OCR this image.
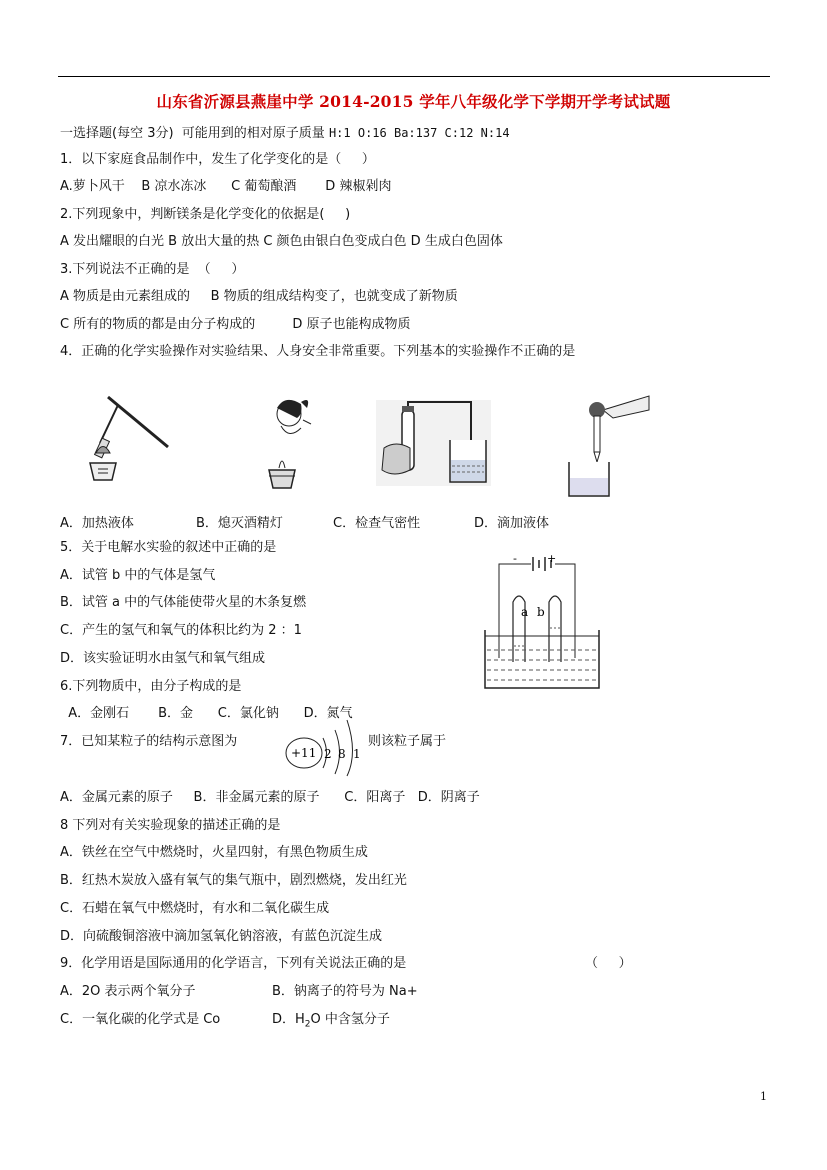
山东省沂源县燕崖中学 2014-2015 学年八年级化学下学期开学考试试题
一选择题(每空 3分)  可能用到的相对原子质量 H:1 O:16 Ba:137 C:12 N:14
1．以下家庭食品制作中，发生了化学变化的是（     ）
A.萝卜风干    B 凉水冻冰      C 葡萄酿酒       D 辣椒剁肉
2.下列现象中，判断镁条是化学变化的依据是(     )
A 发出耀眼的白光 B 放出大量的热 C 颜色由银白色变成白色 D 生成白色固体
3.下列说法不正确的是  （     ）
A 物质是由元素组成的     B 物质的组成结构变了，也就变成了新物质
C 所有的物质的都是由分子构成的         D 原子也能构成物质
4．正确的化学实验操作对实验结果、人身安全非常重要。下列基本的实验操作不正确的是
A．加热液体	B．熄灭酒精灯	C．检查气密性	D．滴加液体
5．关于电解水实验的叙述中正确的是
A．试管 b 中的气体是氢气
B．试管 a 中的气体能使带火星的木条复燃
C．产生的氢气和氧气的体积比约为 2 ：1
D．该实验证明水由氢气和氧气组成
-	+
a b
6.下列物质中，由分子构成的是
A．金刚石       B．金      C．氯化钠      D．氮气
7．已知某粒子的结构示意图为	则该粒子属于
+11 2 8 1
A．金属元素的原子     B．非金属元素的原子      C．阳离子   D．阴离子
8 下列对有关实验现象的描述正确的是
A．铁丝在空气中燃烧时，火星四射，有黑色物质生成
B．红热木炭放入盛有氧气的集气瓶中，剧烈燃烧，发出红光
C．石蜡在氧气中燃烧时，有水和二氧化碳生成
D．向硫酸铜溶液中滴加氢氧化钠溶液，有蓝色沉淀生成
9．化学用语是国际通用的化学语言，下列有关说法正确的是	（     ）
A．2O 表示两个氧分子	B．钠离子的符号为 Na+
C．一氧化碳的化学式是 Co	D．$H_2O$ 中含氢分子
1
